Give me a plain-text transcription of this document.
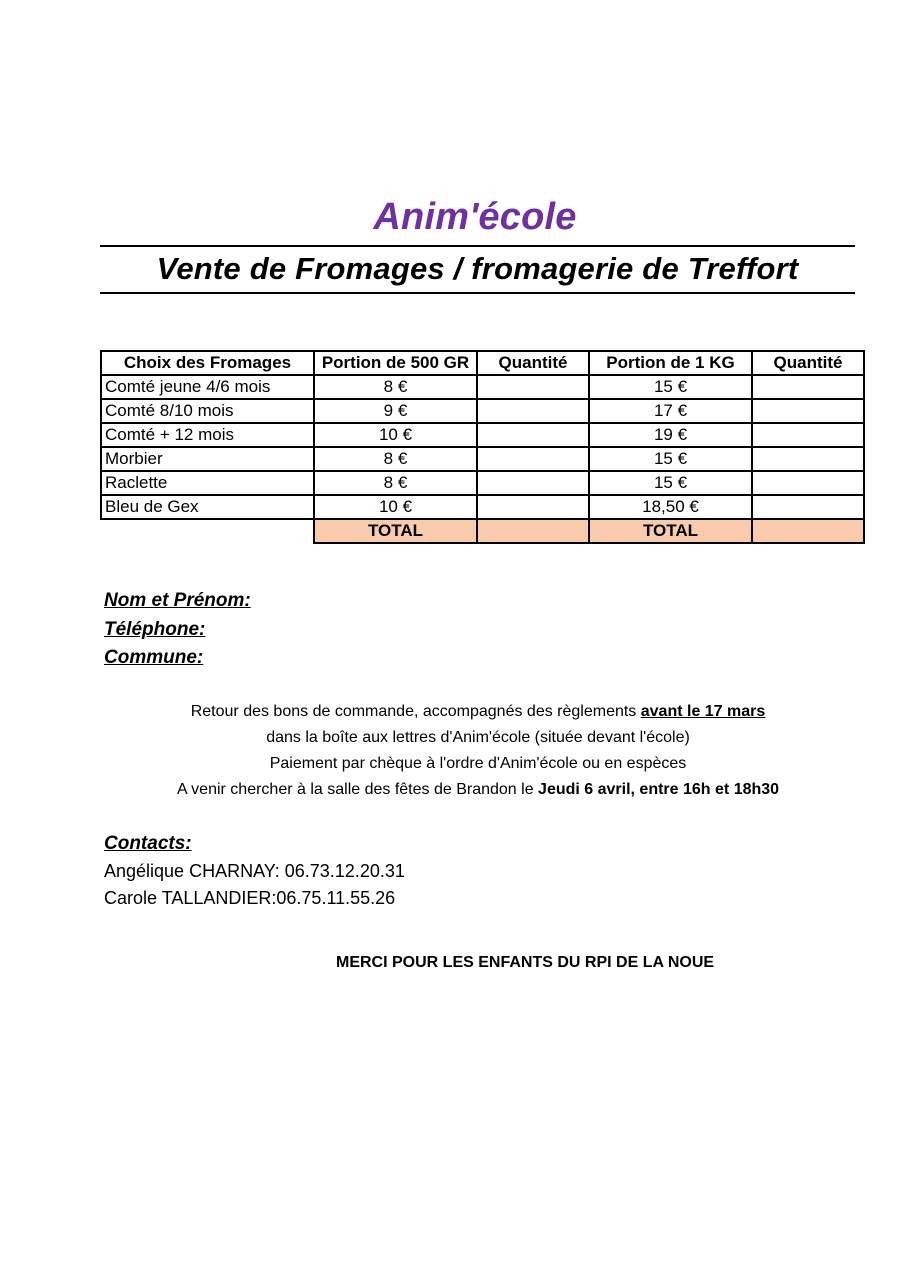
Anim'école
Vente de Fromages / fromagerie de Treffort
Choix des Fromages	Portion de 500 GR	Quantité	Portion de 1 KG	Quantité
Comté jeune 4/6 mois	8 €		15 €	
Comté 8/10 mois	9 €		17 €	
Comté + 12 mois	10 €		19 €	
Morbier	8 €		15 €	
Raclette	8 €		15 €	
Bleu de Gex	10 €		18,50 €	
	TOTAL		TOTAL	
Nom et Prénom:
Téléphone:
Commune:
Retour des bons de commande, accompagnés des règlements avant le 17 mars
dans la boîte aux lettres d'Anim'école (située devant l'école)
Paiement par chèque à l'ordre d'Anim'école ou en espèces
A venir chercher à la salle des fêtes de Brandon le Jeudi 6 avril, entre 16h et 18h30
Contacts:
Angélique CHARNAY: 06.73.12.20.31
Carole TALLANDIER:06.75.11.55.26
MERCI POUR LES ENFANTS DU RPI DE LA NOUE
